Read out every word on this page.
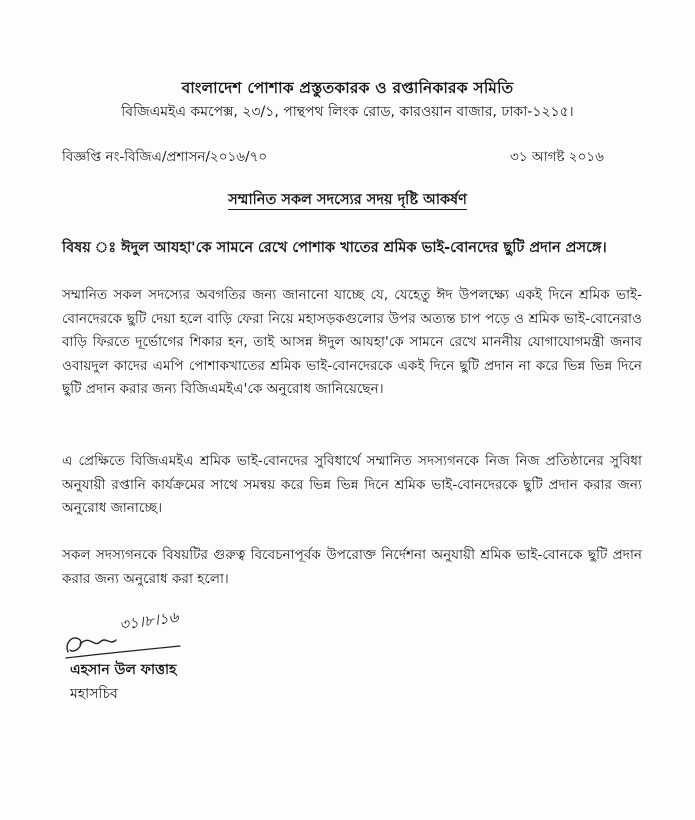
বাংলাদেশ পোশাক প্রস্তুতকারক ও রপ্তানিকারক সমিতি
বিজিএমইএ কমপেক্স, ২৩/১, পান্থপথ লিংক রোড, কারওয়ান বাজার, ঢাকা-১২১৫।
বিজ্ঞপ্তি নং-বিজিএ/প্রশাসন/২০১৬/৭০	৩১ আগষ্ট ২০১৬
সম্মানিত সকল সদস্যের সদয় দৃষ্টি আকর্ষণ
বিষয় ঃ ঈদুল আযহা'কে সামনে রেখে পোশাক খাতের শ্রমিক ভাই-বোনদের ছুটি প্রদান প্রসঙ্গে।
সম্মানিত সকল সদস্যের অবগতির জন্য জানানো যাচ্ছে যে, যেহেতু ঈদ উপলক্ষ্যে একই দিনে শ্রমিক ভাই-বোনদেরকে ছুটি দেয়া হলে বাড়ি ফেরা নিয়ে মহাসড়কগুলোর উপর অত্যন্ত চাপ পড়ে ও শ্রমিক ভাই-বোনেরাও বাড়ি ফিরতে দূর্ভোগের শিকার হন, তাই আসন্ন ঈদুল আযহা'কে সামনে রেখে মাননীয় যোগাযোগমন্ত্রী জনাব ওবায়দুল কাদের এমপি পোশাকখাতের শ্রমিক ভাই-বোনদেরকে একই দিনে ছুটি প্রদান না করে ভিন্ন ভিন্ন দিনে ছুটি প্রদান করার জন্য বিজিএমইএ'কে অনুরোধ জানিয়েছেন।
এ প্রেক্ষিতে বিজিএমইএ শ্রমিক ভাই-বোনদের সুবিধার্থে সম্মানিত সদস্যগনকে নিজ নিজ প্রতিষ্ঠানের সুবিধা অনুযায়ী রপ্তানি কার্যক্রমের সাথে সমন্বয় করে ভিন্ন ভিন্ন দিনে শ্রমিক ভাই-বোনদেরকে ছুটি প্রদান করার জন্য অনুরোধ জানাচ্ছে।
সকল সদস্যগনকে বিষয়টির গুরুত্ব বিবেচনাপূর্বক উপরোক্ত নির্দেশনা অনুযায়ী শ্রমিক ভাই-বোনকে ছুটি প্রদান করার জন্য অনুরোধ করা হলো।
৩১।৮।১৬
এহসান উল ফাত্তাহ
মহাসচিব
